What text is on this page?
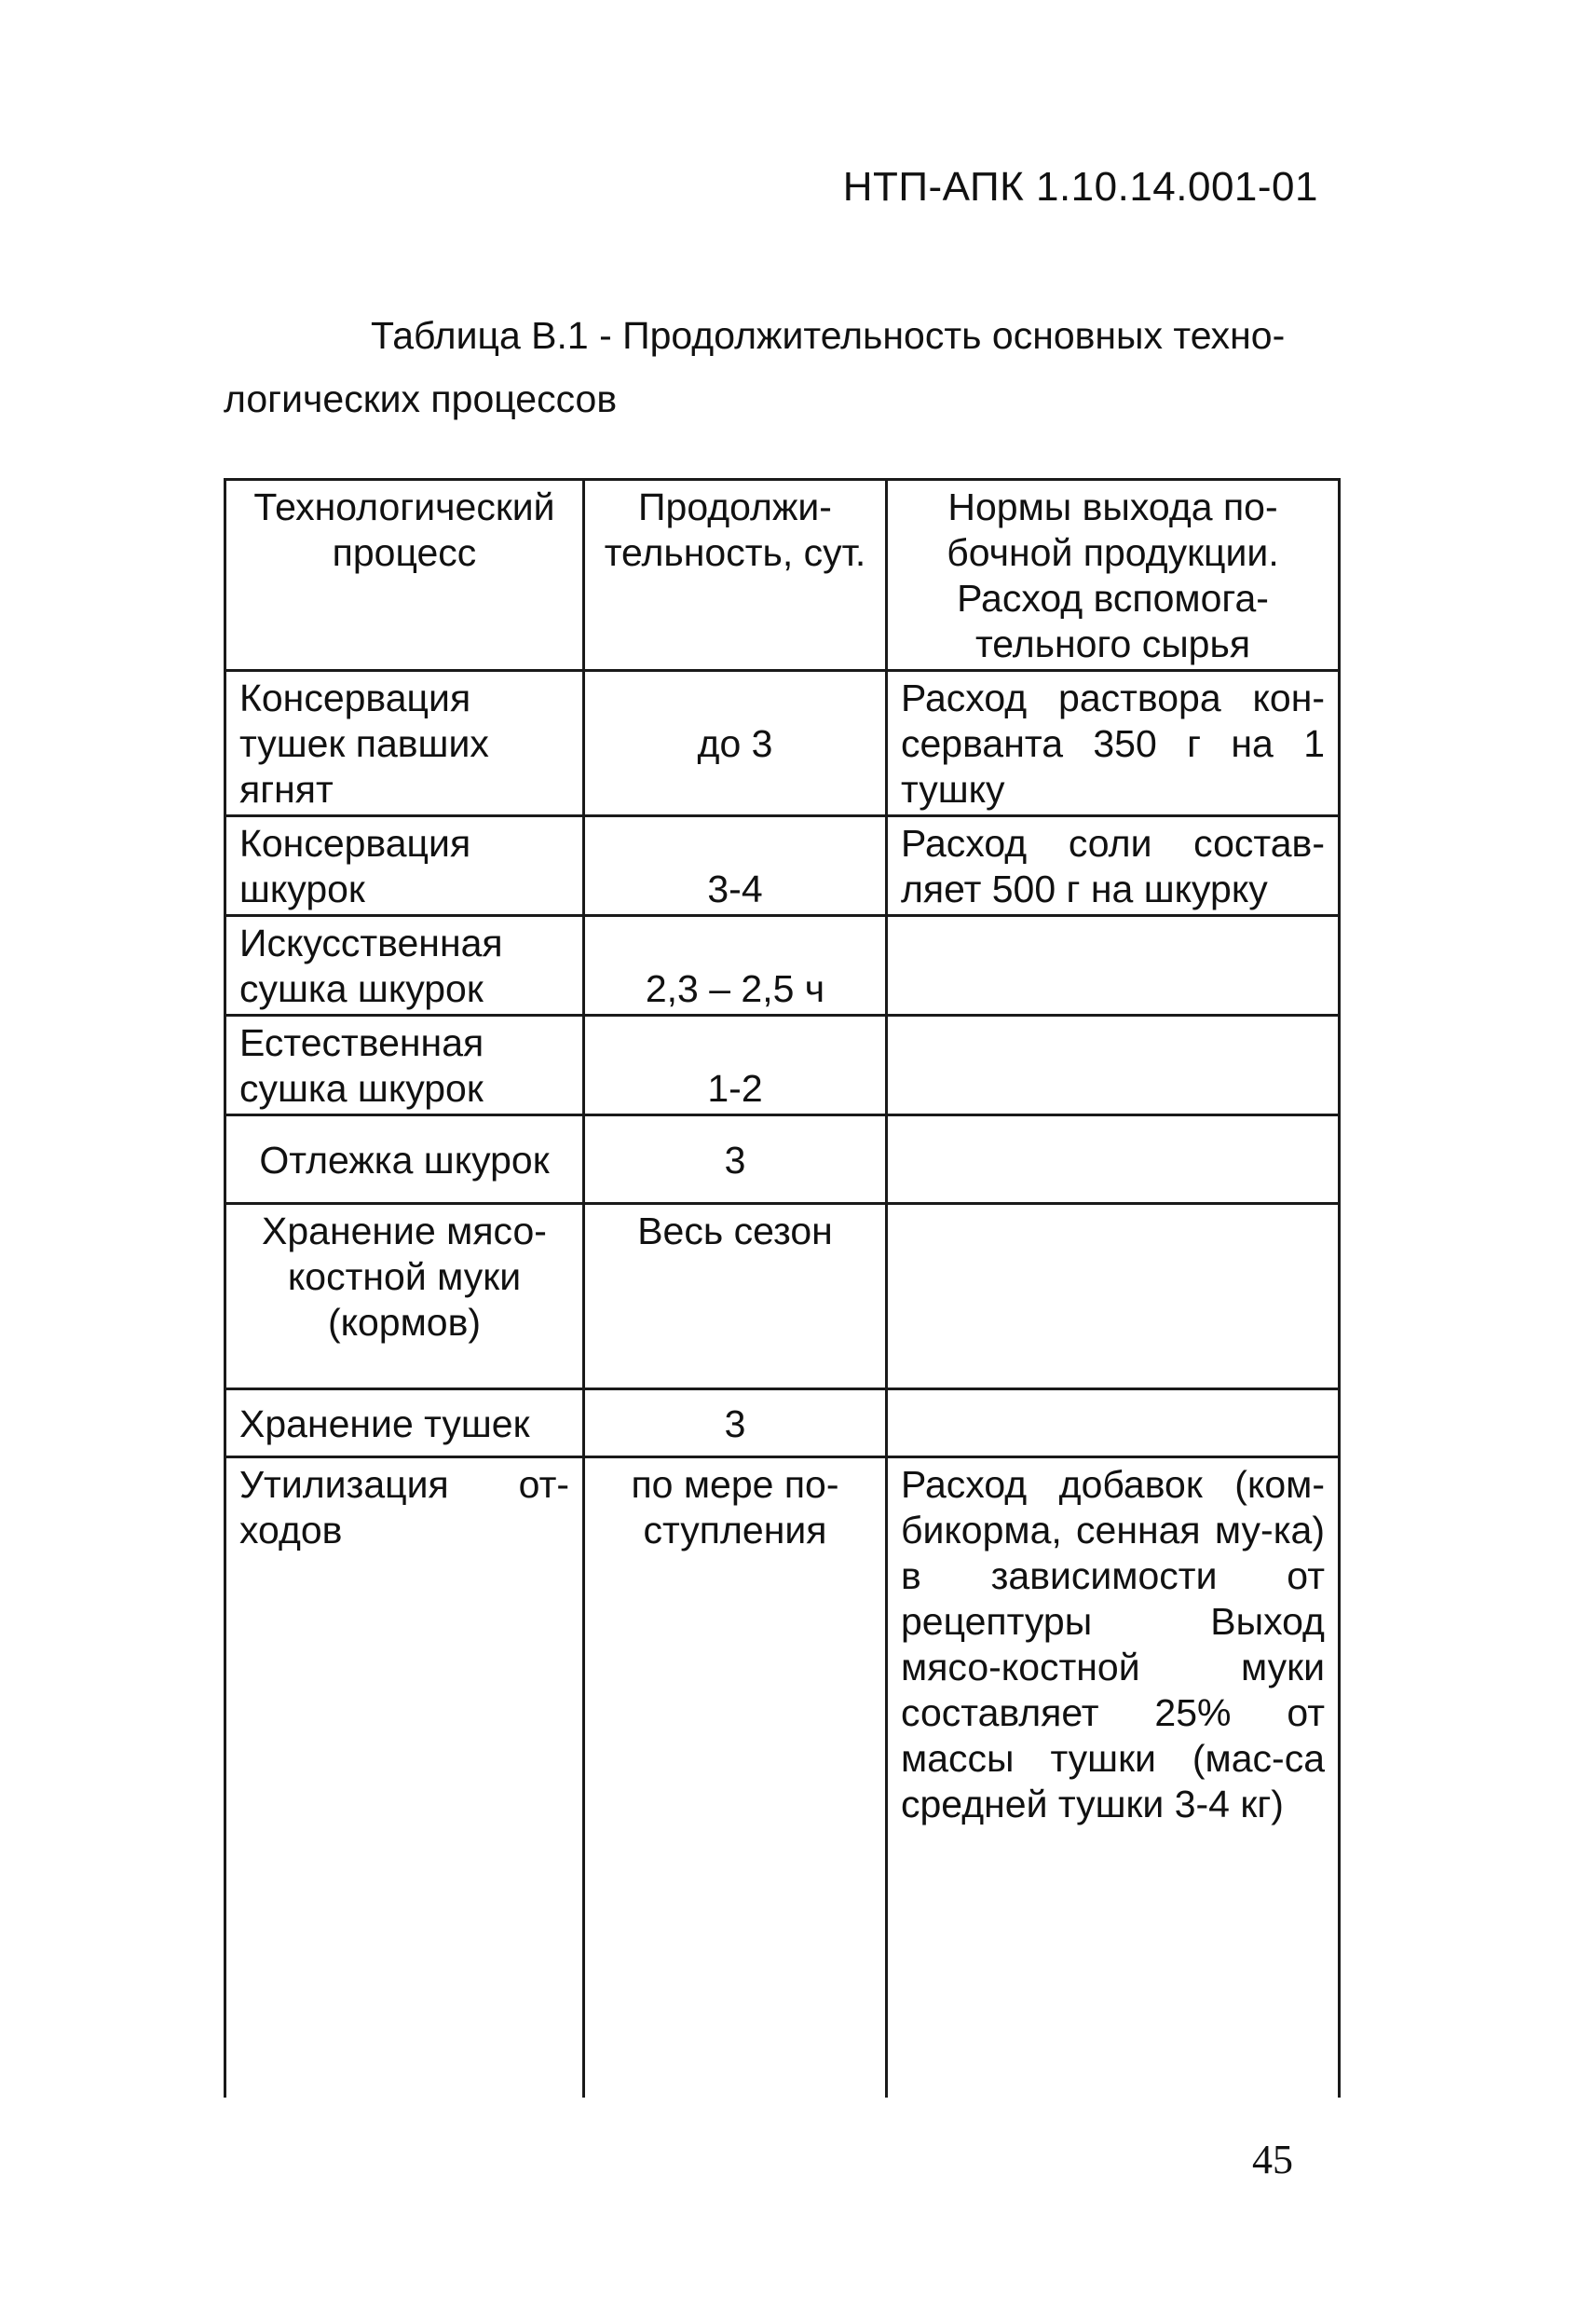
НТП-АПК 1.10.14.001-01
Таблица В.1 - Продолжительность основных техно-
логических процессов
Технологический процесс	Продолжи-тельность, сут.	Нормы выхода по-бочной продукции. Расход вспомога-тельного сырья
Консервация тушек павших ягнят	до 3	Расход раствора кон-серванта 350 г на 1 тушку
Консервация шкурок	3-4	Расход соли состав-ляет 500 г на шкурку
Искусственная сушка шкурок	2,3 – 2,5 ч	
Естественная сушка шкурок	1-2	
Отлежка шкурок	3	
Хранение мясо-костной муки (кормов)	Весь сезон	
Хранение тушек	3	
Утилизация от-ходов	по мере по-ступления	Расход добавок (ком-бикорма, сенная му-ка) в зависимости от рецептуры Выход мясо-костной муки составляет 25% от массы тушки (мас-са средней тушки 3-4 кг)
45
